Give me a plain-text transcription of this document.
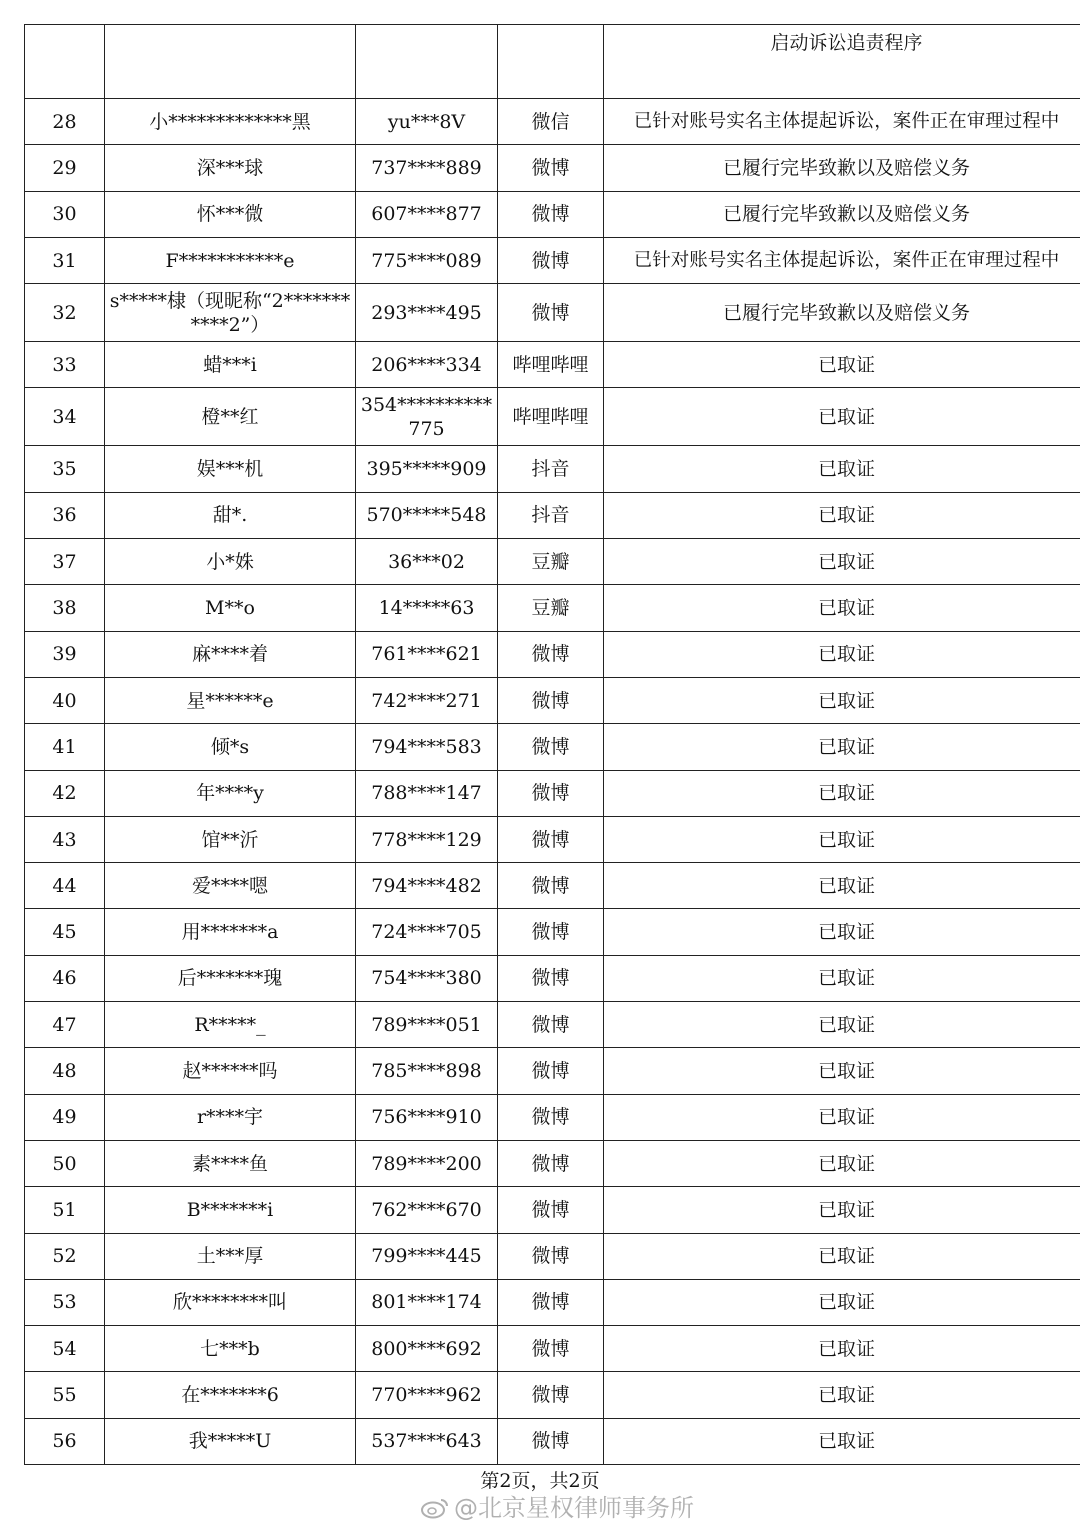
				启动诉讼追责程序
28	小*************黑	yu***8V	微信	已针对账号实名主体提起诉讼，案件正在审理过程中
29	深***球	737****889	微博	已履行完毕致歉以及赔偿义务
30	怀***微	607****877	微博	已履行完毕致歉以及赔偿义务
31	F***********e	775****089	微博	已针对账号实名主体提起诉讼，案件正在审理过程中
32	s*****棣（现昵称“2***********2”）	293****495	微博	已履行完毕致歉以及赔偿义务
33	蜡***i	206****334	哔哩哔哩	已取证
34	橙**红	354**********775	哔哩哔哩	已取证
35	娱***机	395*****909	抖音	已取证
36	甜*.	570*****548	抖音	已取证
37	小*姝	36***02	豆瓣	已取证
38	M**o	14*****63	豆瓣	已取证
39	麻****着	761****621	微博	已取证
40	星******e	742****271	微博	已取证
41	倾*s	794****583	微博	已取证
42	年****y	788****147	微博	已取证
43	馆**沂	778****129	微博	已取证
44	爱****嗯	794****482	微博	已取证
45	用*******a	724****705	微博	已取证
46	后*******瑰	754****380	微博	已取证
47	R*****_	789****051	微博	已取证
48	赵******吗	785****898	微博	已取证
49	r****宇	756****910	微博	已取证
50	素****鱼	789****200	微博	已取证
51	B*******i	762****670	微博	已取证
52	土***厚	799****445	微博	已取证
53	欣********叫	801****174	微博	已取证
54	七***b	800****692	微博	已取证
55	在*******6	770****962	微博	已取证
56	我*****U	537****643	微博	已取证
第2页，共2页
@北京星权律师事务所
